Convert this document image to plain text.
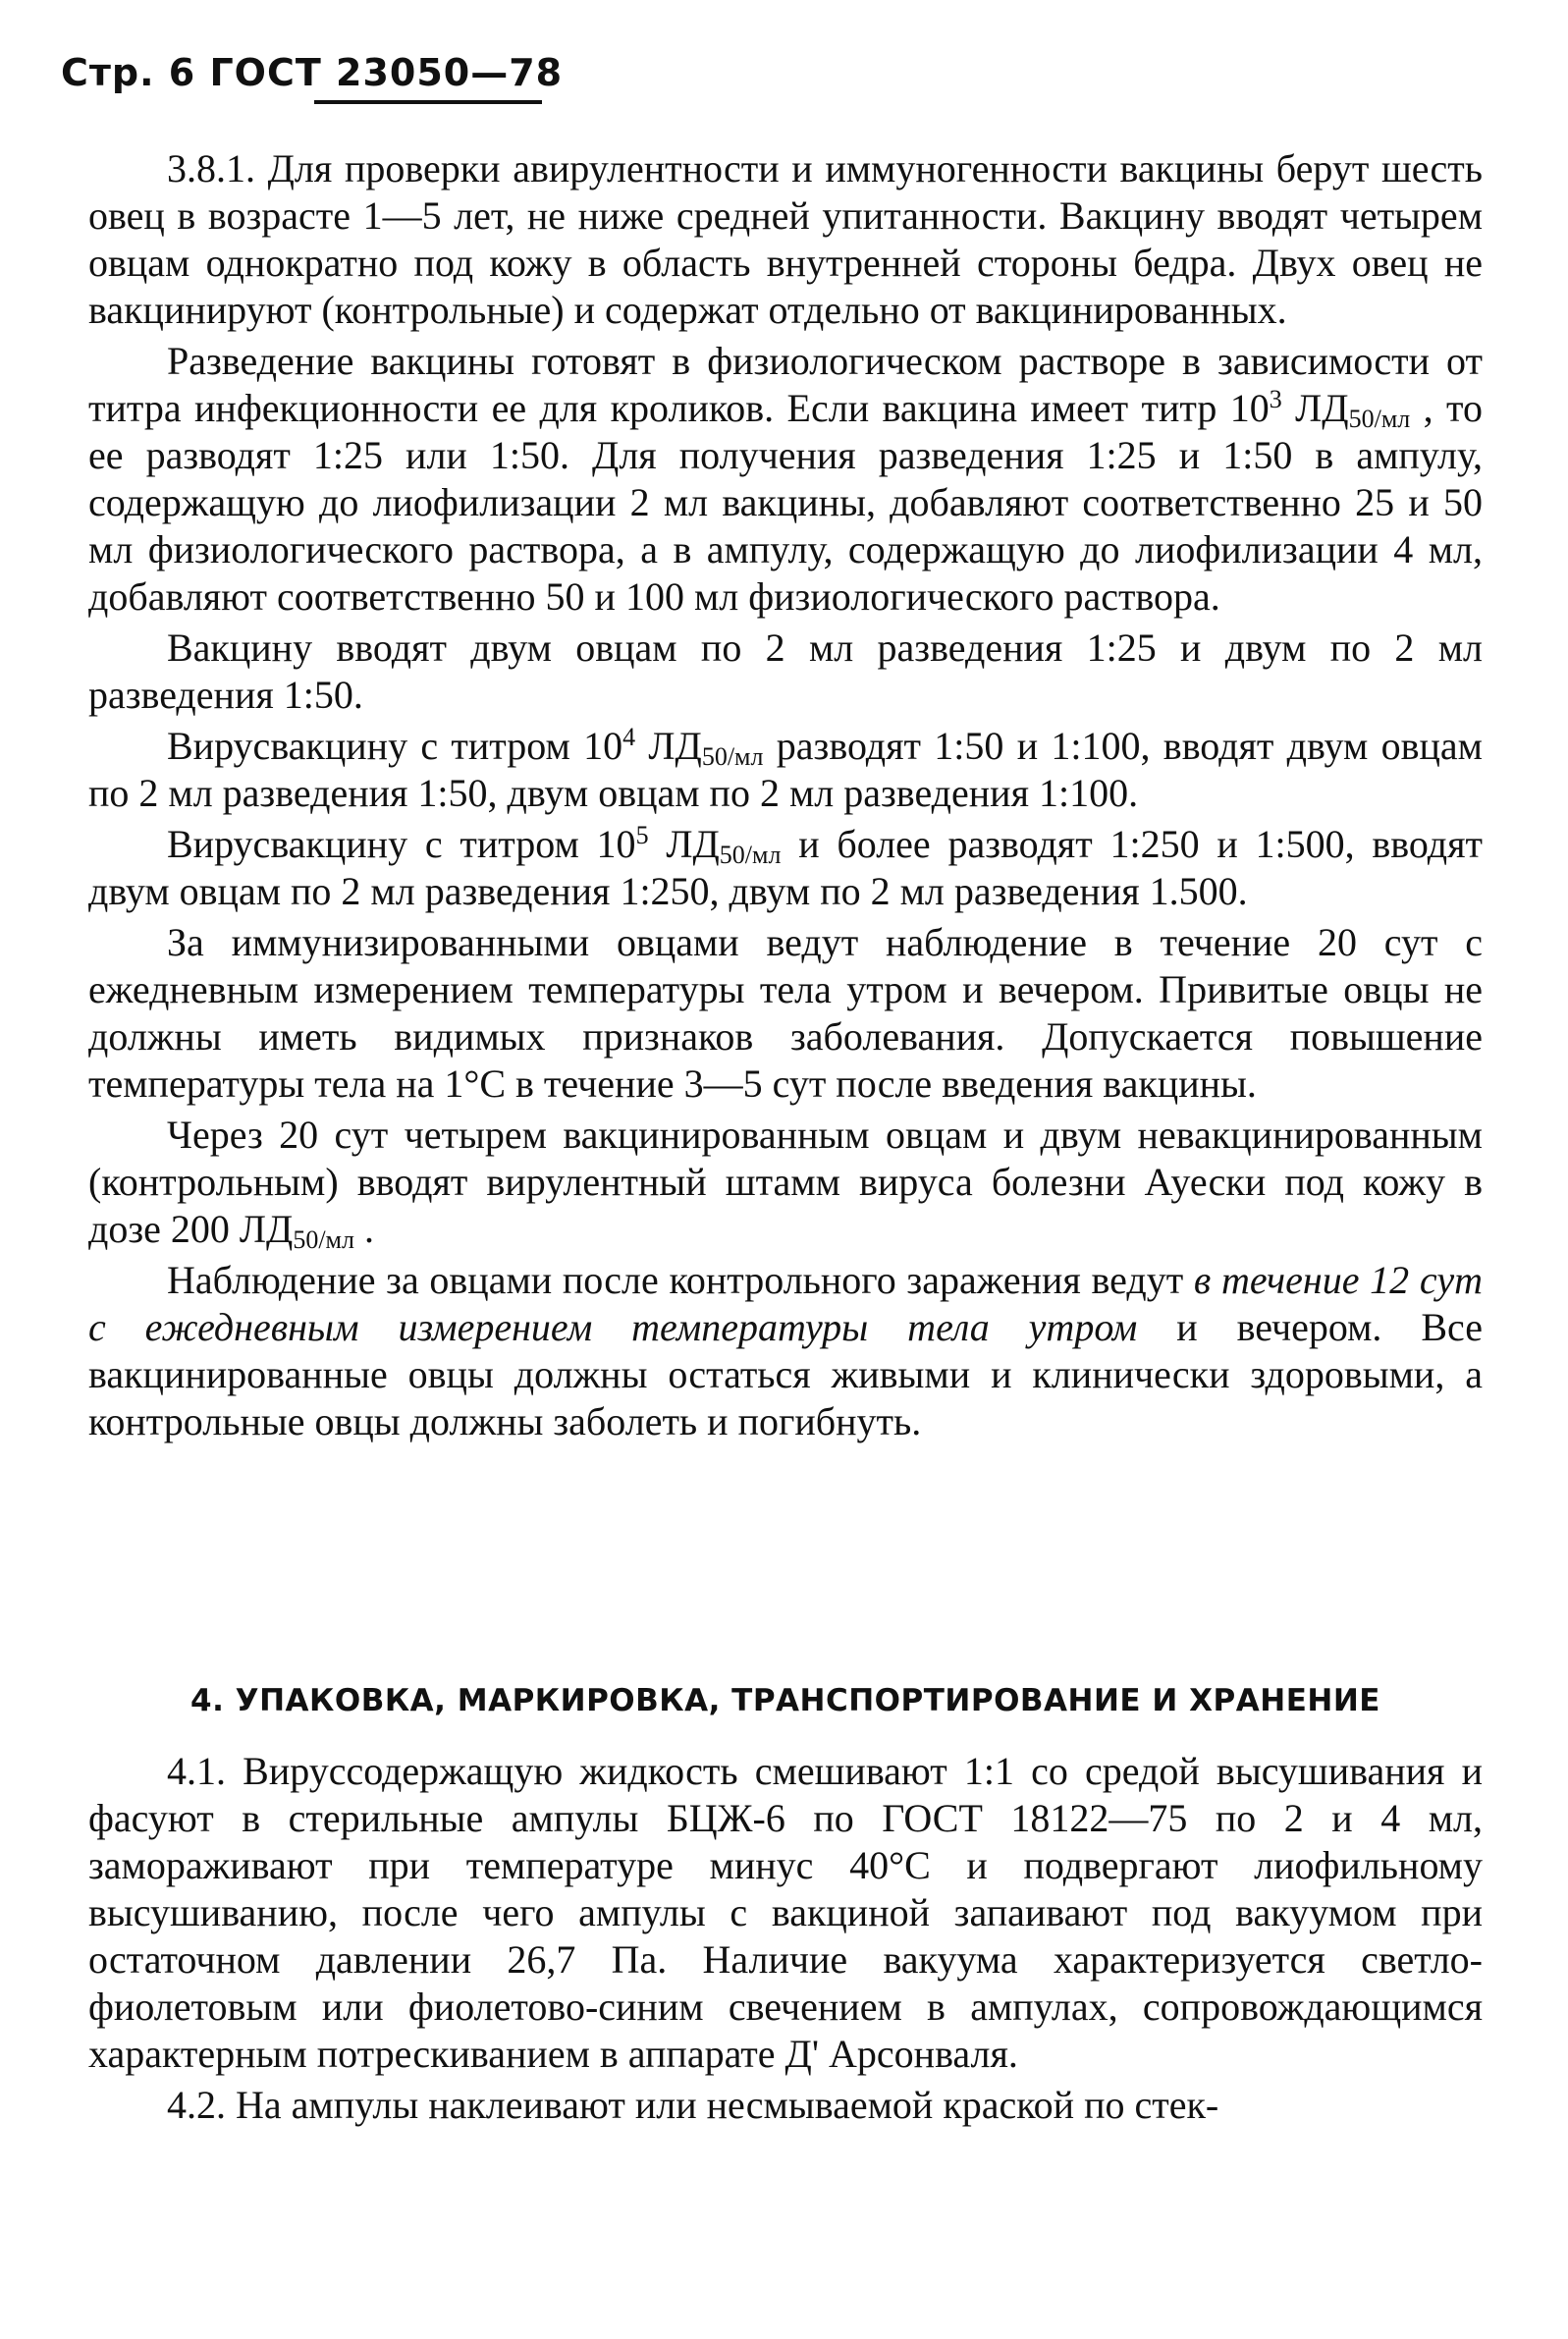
Стр. 6 ГОСТ 23050—78

3.8.1. Для проверки авирулентности и иммуногенности вакцины берут шесть овец в возрасте 1—5 лет, не ниже средней упитанности. Вакцину вводят четырем овцам однократно под кожу в область внутренней стороны бедра. Двух овец не вакцинируют (контрольные) и содержат отдельно от вакцинированных.

Разведение вакцины готовят в физиологическом растворе в зависимости от титра инфекционности ее для кроликов. Если вакцина имеет титр $10^3$ $ЛД_{50/мл}$ , то ее разводят 1:25 или 1:50. Для получения разведения 1:25 и 1:50 в ампулу, содержащую до лиофилизации 2 мл вакцины, добавляют соответственно 25 и 50 мл физиологического раствора, а в ампулу, содержащую до лиофилизации 4 мл, добавляют соответственно 50 и 100 мл физиологического раствора.

Вакцину вводят двум овцам по 2 мл разведения 1:25 и двум по 2 мл разведения 1:50.

Вирусвакцину с титром $10^4$ $ЛД_{50/мл}$ разводят 1:50 и 1:100, вводят двум овцам по 2 мл разведения 1:50, двум овцам по 2 мл разведения 1:100.

Вирусвакцину с титром $10^5$ $ЛД_{50/мл}$ и более разводят 1:250 и 1:500, вводят двум овцам по 2 мл разведения 1:250, двум по 2 мл разведения 1.500.

За иммунизированными овцами ведут наблюдение в течение 20 сут с ежедневным измерением температуры тела утром и вечером. Привитые овцы не должны иметь видимых признаков заболевания. Допускается повышение температуры тела на 1°С в течение 3—5 сут после введения вакцины.

Через 20 сут четырем вакцинированным овцам и двум невакцинированным (контрольным) вводят вирулентный штамм вируса болезни Ауески под кожу в дозе 200 $ЛД_{50/мл}$ .

Наблюдение за овцами после контрольного заражения ведут в течение 12 сут с ежедневным измерением температуры тела утром и вечером. Все вакцинированные овцы должны остаться живыми и клинически здоровыми, а контрольные овцы должны заболеть и погибнуть.

4. УПАКОВКА, МАРКИРОВКА, ТРАНСПОРТИРОВАНИЕ И ХРАНЕНИЕ

4.1. Вируссодержащую жидкость смешивают 1:1 со средой высушивания и фасуют в стерильные ампулы БЦЖ-6 по ГОСТ 18122—75 по 2 и 4 мл, замораживают при температуре минус 40°С и подвергают лиофильному высушиванию, после чего ампулы с вакциной запаивают под вакуумом при остаточном давлении 26,7 Па. Наличие вакуума характеризуется светло-фиолетовым или фиолетово-синим свечением в ампулах, сопровождающимся характерным потрескиванием в аппарате Д' Арсонваля.

4.2. На ампулы наклеивают или несмываемой краской по стек-
